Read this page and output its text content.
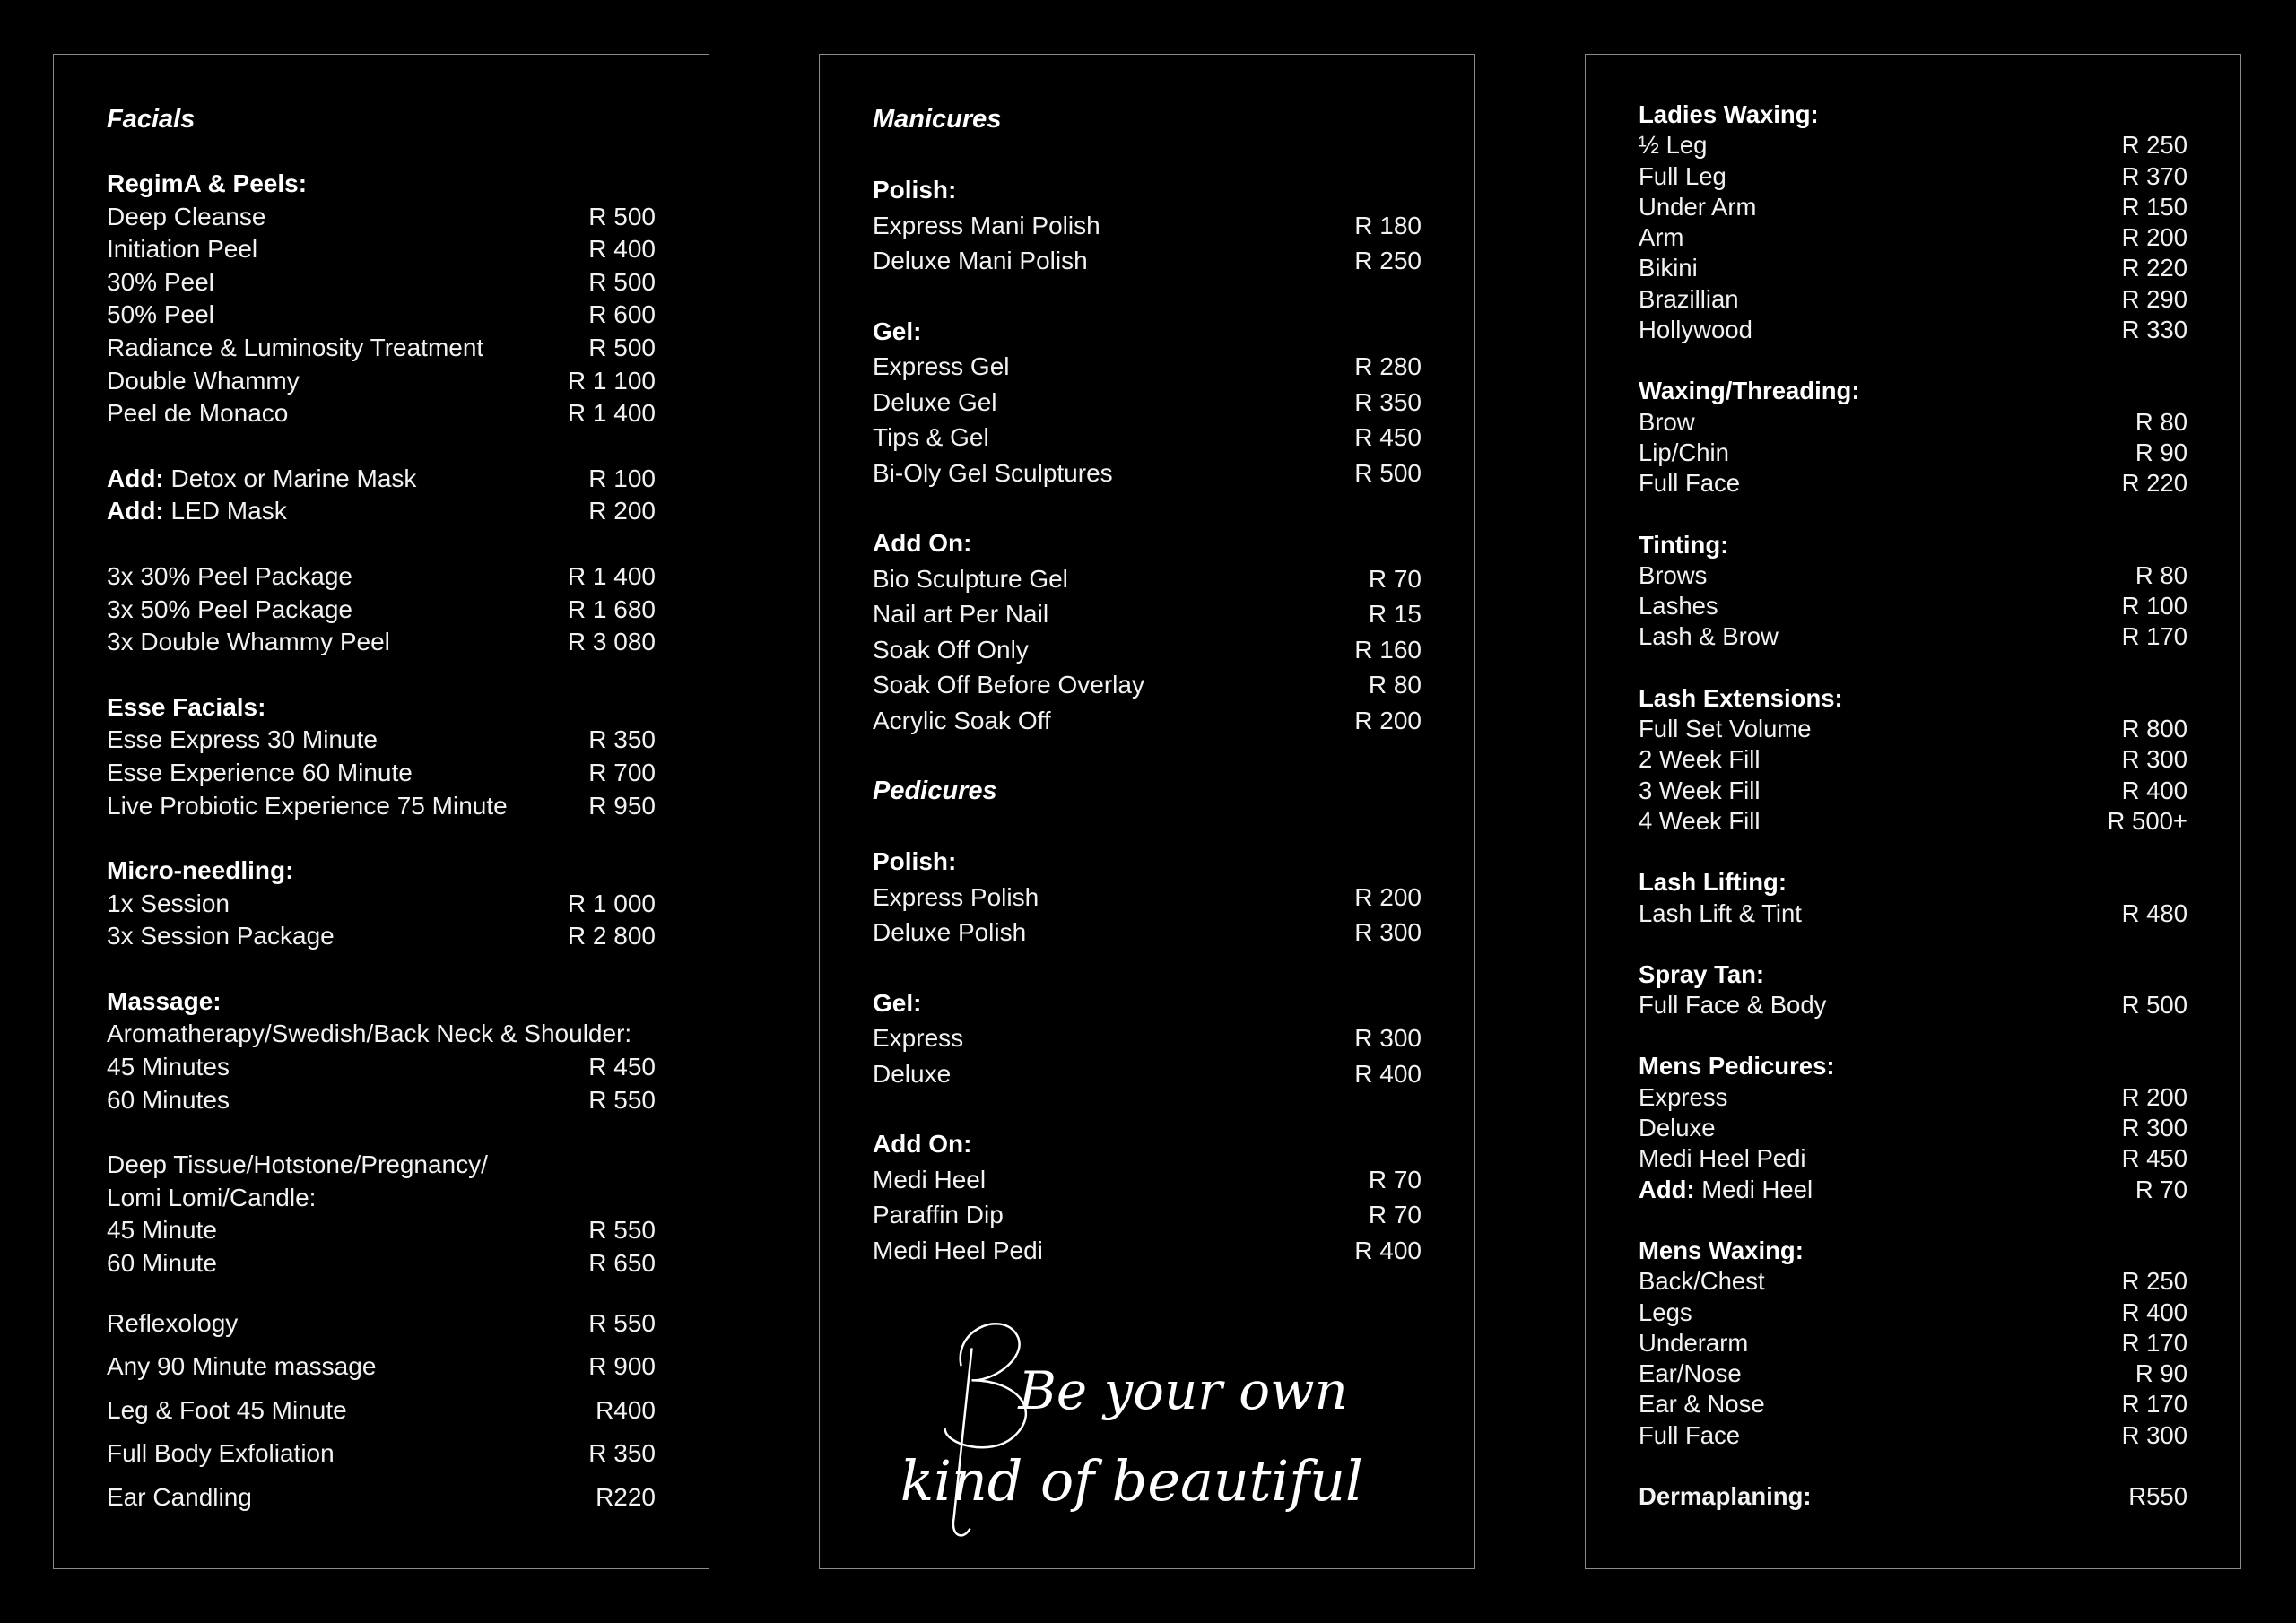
Facials
RegimA & Peels:
Deep Cleanse	R 500
Initiation Peel	R 400
30% Peel	R 500
50% Peel	R 600
Radiance & Luminosity Treatment	R 500
Double Whammy	R 1 100
Peel de Monaco	R 1 400
Add: Detox or Marine Mask	R 100
Add: LED Mask	R 200
3x 30% Peel Package	R 1 400
3x 50% Peel Package	R 1 680
3x Double Whammy Peel	R 3 080
Esse Facials:
Esse Express 30 Minute	R 350
Esse Experience 60 Minute	R 700
Live Probiotic Experience 75 Minute	R 950
Micro-needling:
1x Session	R 1 000
3x Session Package	R 2 800
Massage:
Aromatherapy/Swedish/Back Neck & Shoulder:
45 Minutes	R 450
60 Minutes	R 550
Deep Tissue/Hotstone/Pregnancy/
Lomi Lomi/Candle:
45 Minute	R 550
60 Minute	R 650
Reflexology	R 550
Any 90 Minute massage	R 900
Leg & Foot 45 Minute	R400
Full Body Exfoliation	R 350
Ear Candling	R220
Manicures
Polish:
Express Mani Polish	R 180
Deluxe Mani Polish	R 250
Gel:
Express Gel	R 280
Deluxe Gel	R 350
Tips & Gel	R 450
Bi-Oly Gel Sculptures	R 500
Add On:
Bio Sculpture Gel	R 70
Nail art Per Nail	R 15
Soak Off Only	R 160
Soak Off Before Overlay	R 80
Acrylic Soak Off	R 200
Pedicures
Polish:
Express Polish	R 200
Deluxe Polish	R 300
Gel:
Express	R 300
Deluxe	R 400
Add On:
Medi Heel	R 70
Paraffin Dip	R 70
Medi Heel Pedi	R 400
Be your own
kind of beautiful
Ladies Waxing:
½ Leg	R 250
Full Leg	R 370
Under Arm	R 150
Arm	R 200
Bikini	R 220
Brazillian	R 290
Hollywood	R 330
Waxing/Threading:
Brow	R 80
Lip/Chin	R 90
Full Face	R 220
Tinting:
Brows	R 80
Lashes	R 100
Lash & Brow	R 170
Lash Extensions:
Full Set Volume	R 800
2 Week Fill	R 300
3 Week Fill	R 400
4 Week Fill	R 500+
Lash Lifting:
Lash Lift & Tint	R 480
Spray Tan:
Full Face & Body	R 500
Mens Pedicures:
Express	R 200
Deluxe	R 300
Medi Heel Pedi	R 450
Add: Medi Heel	R 70
Mens Waxing:
Back/Chest	R 250
Legs	R 400
Underarm	R 170
Ear/Nose	R 90
Ear & Nose	R 170
Full Face	R 300
Dermaplaning:	R550
